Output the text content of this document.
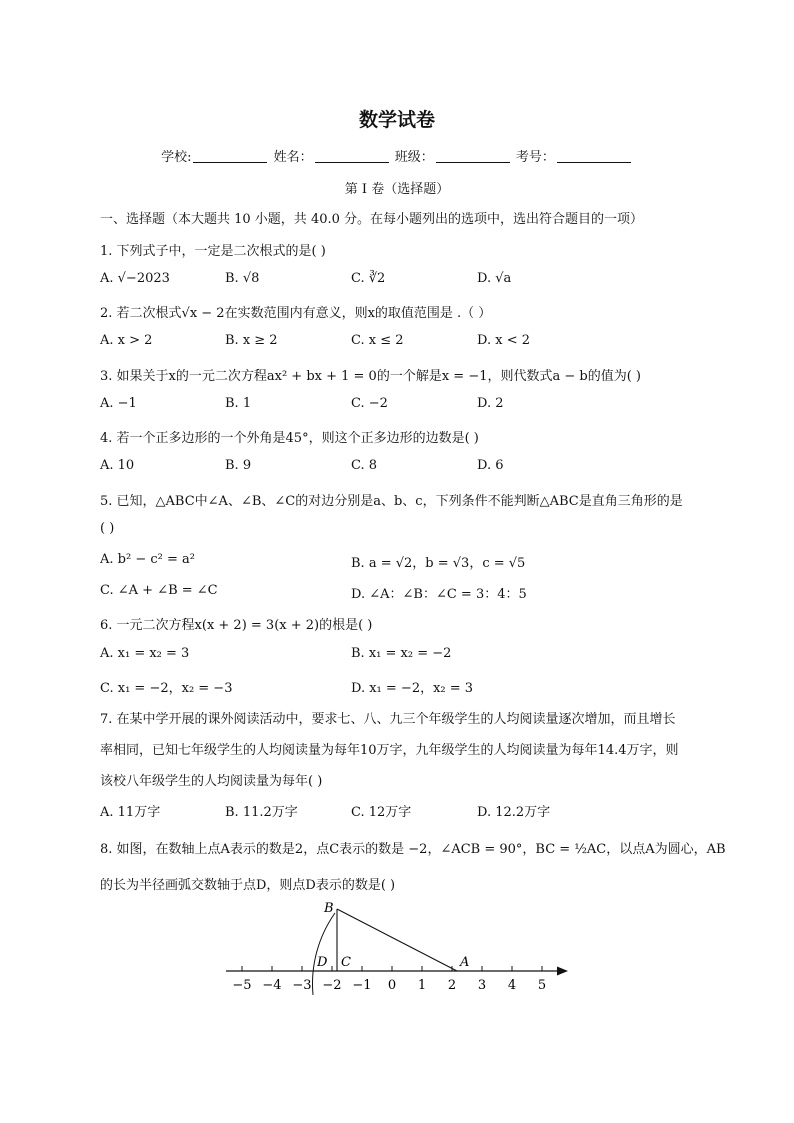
数学试卷
学校:	姓名：	班级：	考号：
第 I 卷（选择题）
一、选择题（本大题共 10 小题，共 40.0 分。在每小题列出的选项中，选出符合题目的一项）
1. 下列式子中，一定是二次根式的是( )
A. √−2023	B. √8	C. ∛2	D. √a
2. 若二次根式√x − 2在实数范围内有意义，则x的取值范围是 .（ ）
A. x > 2	B. x ≥ 2	C. x ≤ 2	D. x < 2
3. 如果关于x的一元二次方程ax² + bx + 1 = 0的一个解是x = −1，则代数式a − b的值为( )
A. −1	B. 1	C. −2	D. 2
4. 若一个正多边形的一个外角是45°，则这个正多边形的边数是( )
A. 10	B. 9	C. 8	D. 6
5. 已知，△ABC中∠A、∠B、∠C的对边分别是a、b、c，下列条件不能判断△ABC是直角三角形的是
( )
A. b² − c² = a²	B. a = √2，b = √3，c = √5
C. ∠A + ∠B = ∠C	D. ∠A：∠B：∠C = 3：4：5
6. 一元二次方程x(x + 2) = 3(x + 2)的根是( )
A. x₁ = x₂ = 3	B. x₁ = x₂ = −2
C. x₁ = −2，x₂ = −3	D. x₁ = −2，x₂ = 3
7. 在某中学开展的课外阅读活动中，要求七、八、九三个年级学生的人均阅读量逐次增加，而且增长
率相同，已知七年级学生的人均阅读量为每年10万字，九年级学生的人均阅读量为每年14.4万字，则
该校八年级学生的人均阅读量为每年( )
A. 11万字	B. 11.2万字	C. 12万字	D. 12.2万字
8. 如图，在数轴上点A表示的数是2，点C表示的数是 −2，∠ACB = 90°，BC = ½AC，以点A为圆心，AB
的长为半径画弧交数轴于点D，则点D表示的数是( )
−5 −4 −3 −2 −1 0 1 2 3 4 5
B
C
D	A
